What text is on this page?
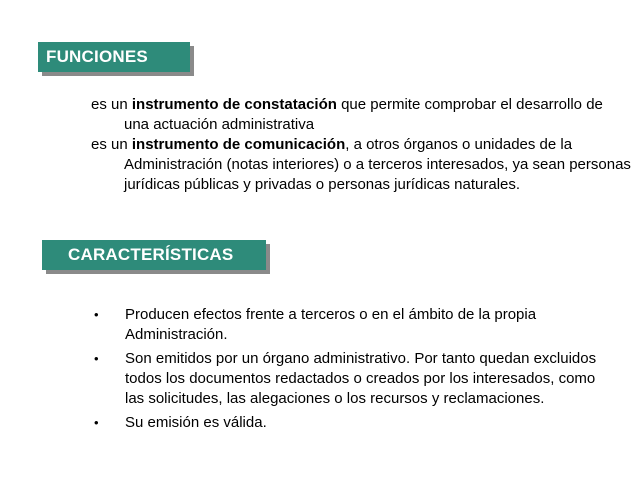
FUNCIONES

es un instrumento de constatación que permite comprobar el desarrollo de una actuación administrativa

es un instrumento de comunicación, a otros órganos o unidades de la Administración (notas interiores) o a terceros interesados, ya sean personas jurídicas públicas y privadas o personas jurídicas naturales.

CARACTERÍSTICAS
• Producen efectos frente a terceros o en el ámbito de la propia Administración.
• Son emitidos por un órgano administrativo. Por tanto quedan excluidos todos los documentos redactados o creados por los interesados, como las solicitudes, las alegaciones o los recursos y reclamaciones.
• Su emisión es válida.
